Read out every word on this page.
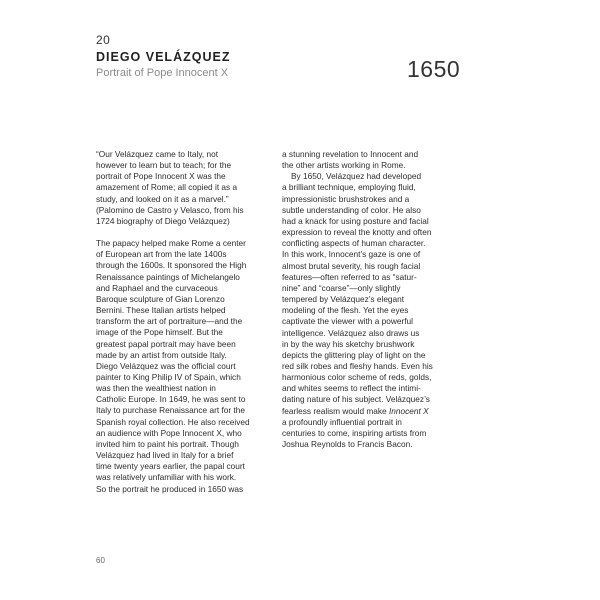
20
DIEGO VELÁZQUEZ
Portrait of Pope Innocent X	1650

“Our Velázquez came to Italy, not
however to learn but to teach; for the
portrait of Pope Innocent X was the
amazement of Rome; all copied it as a
study, and looked on it as a marvel.”
(Palomino de Castro y Velasco, from his
1724 biography of Diego Velázquez)

The papacy helped make Rome a center
of European art from the late 1400s
through the 1600s. It sponsored the High
Renaissance paintings of Michelangelo
and Raphael and the curvaceous
Baroque sculpture of Gian Lorenzo
Bernini. These Italian artists helped
transform the art of portraiture—and the
image of the Pope himself. But the
greatest papal portrait may have been
made by an artist from outside Italy.
Diego Velázquez was the official court
painter to King Philip IV of Spain, which
was then the wealthiest nation in
Catholic Europe. In 1649, he was sent to
Italy to purchase Renaissance art for the
Spanish royal collection. He also received
an audience with Pope Innocent X, who
invited him to paint his portrait. Though
Velázquez had lived in Italy for a brief
time twenty years earlier, the papal court
was relatively unfamiliar with his work.
So the portrait he produced in 1650 was

a stunning revelation to Innocent and
the other artists working in Rome.

By 1650, Velázquez had developed
a brilliant technique, employing fluid,
impressionistic brushstrokes and a
subtle understanding of color. He also
had a knack for using posture and facial
expression to reveal the knotty and often
conflicting aspects of human character.
In this work, Innocent’s gaze is one of
almost brutal severity, his rough facial
features—often referred to as “satur-
nine” and “coarse”—only slightly
tempered by Velázquez’s elegant
modeling of the flesh. Yet the eyes
captivate the viewer with a powerful
intelligence. Velázquez also draws us
in by the way his sketchy brushwork
depicts the glittering play of light on the
red silk robes and fleshy hands. Even his
harmonious color scheme of reds, golds,
and whites seems to reflect the intimi-
dating nature of his subject. Velázquez’s
fearless realism would make Innocent X
a profoundly influential portrait in
centuries to come, inspiring artists from
Joshua Reynolds to Francis Bacon.

60
